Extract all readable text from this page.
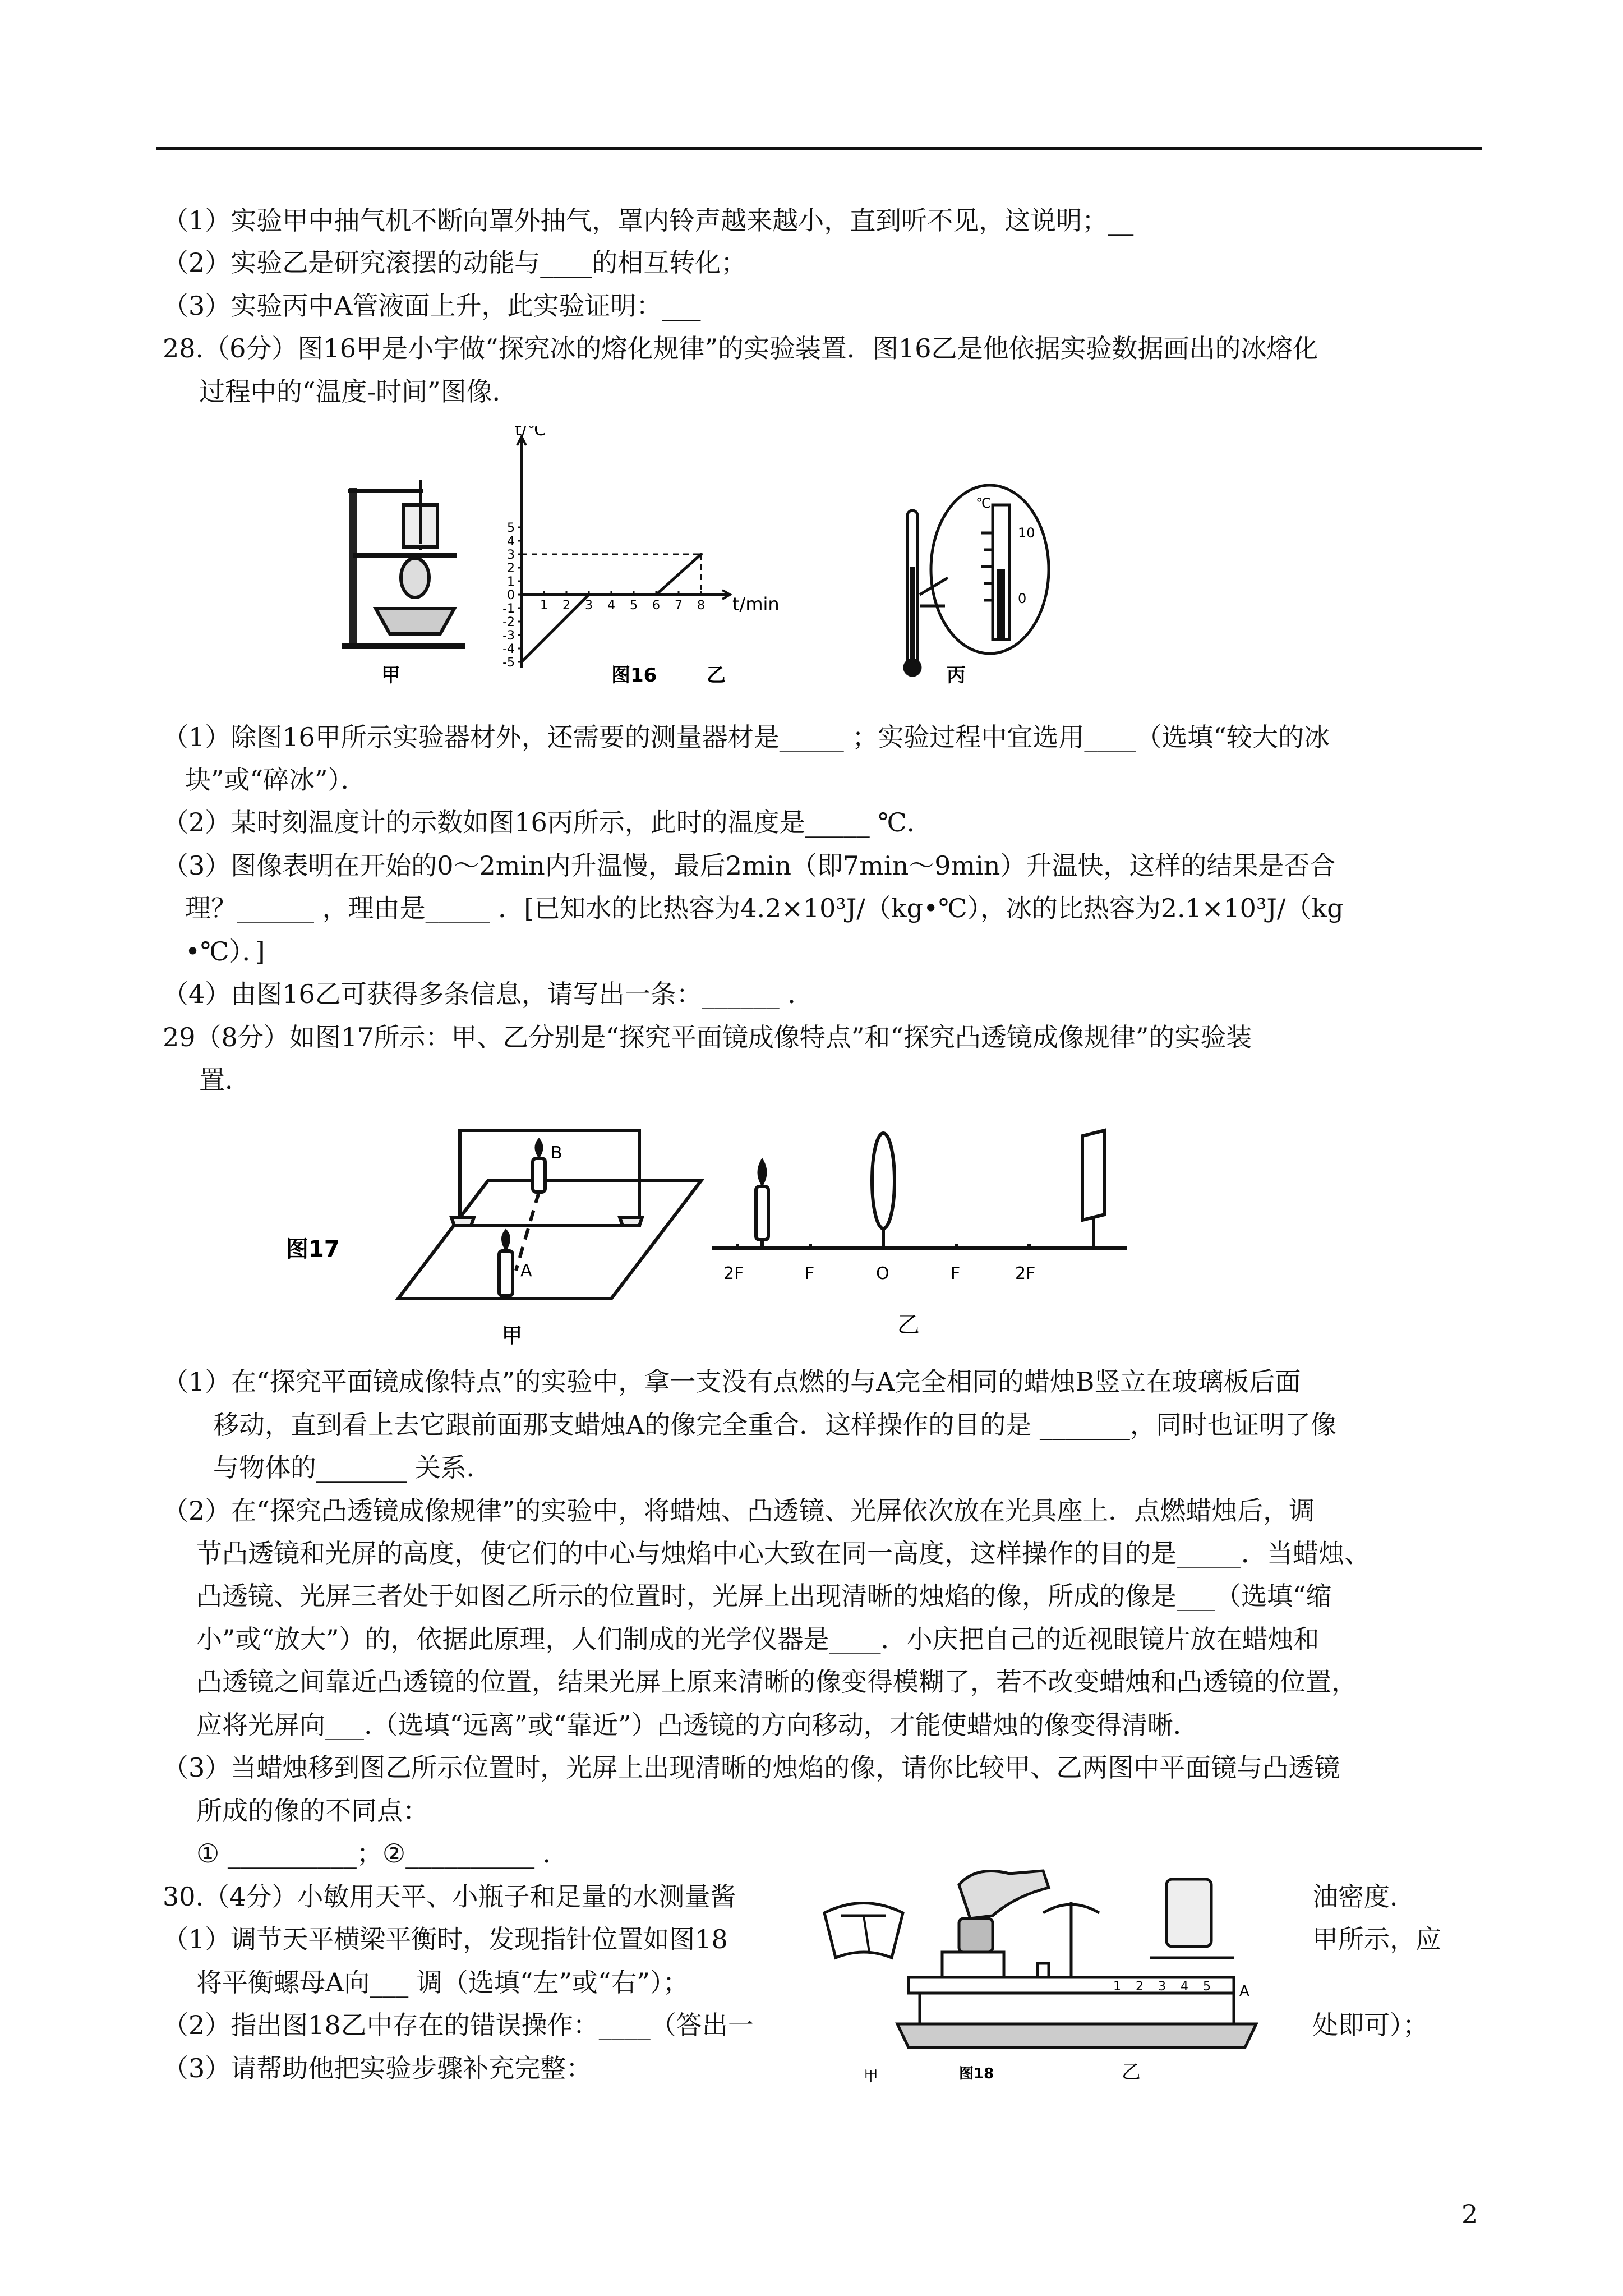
（1）实验甲中抽气机不断向罩外抽气，罩内铃声越来越小，直到听不见，这说明；__
（2）实验乙是研究滚摆的动能与____的相互转化；
（3）实验丙中A管液面上升，此实验证明：___
28.（6分）图16甲是小宇做“探究冰的熔化规律”的实验装置．图16乙是他依据实验数据画出的冰熔化
过程中的“温度-时间”图像．
（1）除图16甲所示实验器材外，还需要的测量器材是_____ ；实验过程中宜选用____（选填“较大的冰
块”或“碎冰”）．
（2）某时刻温度计的示数如图16丙所示，此时的温度是_____ ℃．
（3）图像表明在开始的0～2min内升温慢，最后2min（即7min～9min）升温快，这样的结果是否合
理？______ ，理由是_____ ．[已知水的比热容为4.2×10³J/（kg•℃），冰的比热容为2.1×10³J/（kg
•℃）．]
（4）由图16乙可获得多条信息，请写出一条：______ ．
29（8分）如图17所示：甲、乙分别是“探究平面镜成像特点”和“探究凸透镜成像规律”的实验装
置．
（1）在“探究平面镜成像特点”的实验中，拿一支没有点燃的与A完全相同的蜡烛B竖立在玻璃板后面
移动，直到看上去它跟前面那支蜡烛A的像完全重合．这样操作的目的是 _______，同时也证明了像
与物体的_______ 关系．
（2）在“探究凸透镜成像规律”的实验中，将蜡烛、凸透镜、光屏依次放在光具座上．点燃蜡烛后，调
节凸透镜和光屏的高度，使它们的中心与烛焰中心大致在同一高度，这样操作的目的是_____．当蜡烛、
凸透镜、光屏三者处于如图乙所示的位置时，光屏上出现清晰的烛焰的像，所成的像是___（选填“缩
小”或“放大”）的，依据此原理，人们制成的光学仪器是____．小庆把自己的近视眼镜片放在蜡烛和
凸透镜之间靠近凸透镜的位置，结果光屏上原来清晰的像变得模糊了，若不改变蜡烛和凸透镜的位置，
应将光屏向___.（选填“远离”或“靠近”）凸透镜的方向移动，才能使蜡烛的像变得清晰．
（3）当蜡烛移到图乙所示位置时，光屏上出现清晰的烛焰的像，请你比较甲、乙两图中平面镜与凸透镜
所成的像的不同点：
① __________；②__________ ．
30.（4分）小敏用天平、小瓶子和足量的水测量酱
（1）调节天平横梁平衡时，发现指针位置如图18
将平衡螺母A向___ 调（选填“左”或“右”）；
（2）指出图18乙中存在的错误操作：____（答出一
（3）请帮助他把实验步骤补充完整：
油密度．
甲所示，应
处即可）；
甲
t/℃
t/min
5
4
3
2
1
0
-1
-2
-3
-4
-5
1 2 3 4 5 6 7 8
图16	乙
℃
10
0
丙
图17
B
A
甲
2F	F	O	F	2F
乙
甲
1 2 3 4 5 A
图18	乙
2
